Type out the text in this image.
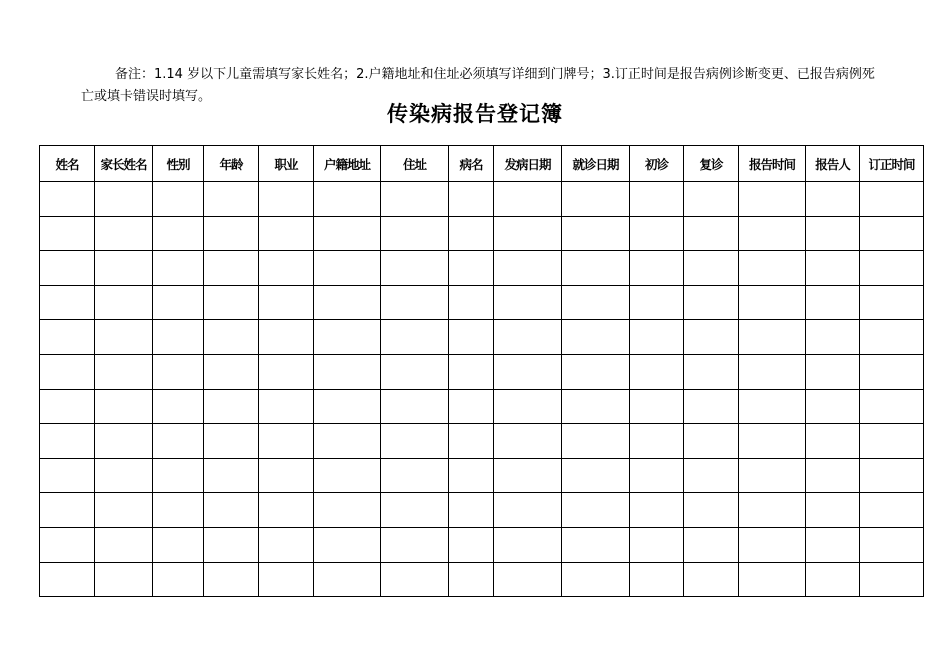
备注：1.14 岁以下儿童需填写家长姓名；2.户籍地址和住址必须填写详细到门牌号；3.订正时间是报告病例诊断变更、已报告病例死亡或填卡错误时填写。

传染病报告登记簿
姓名	家长姓名	性别	年龄	职业	户籍地址	住址	病名	发病日期	就诊日期	初诊	复诊	报告时间	报告人	订正时间
